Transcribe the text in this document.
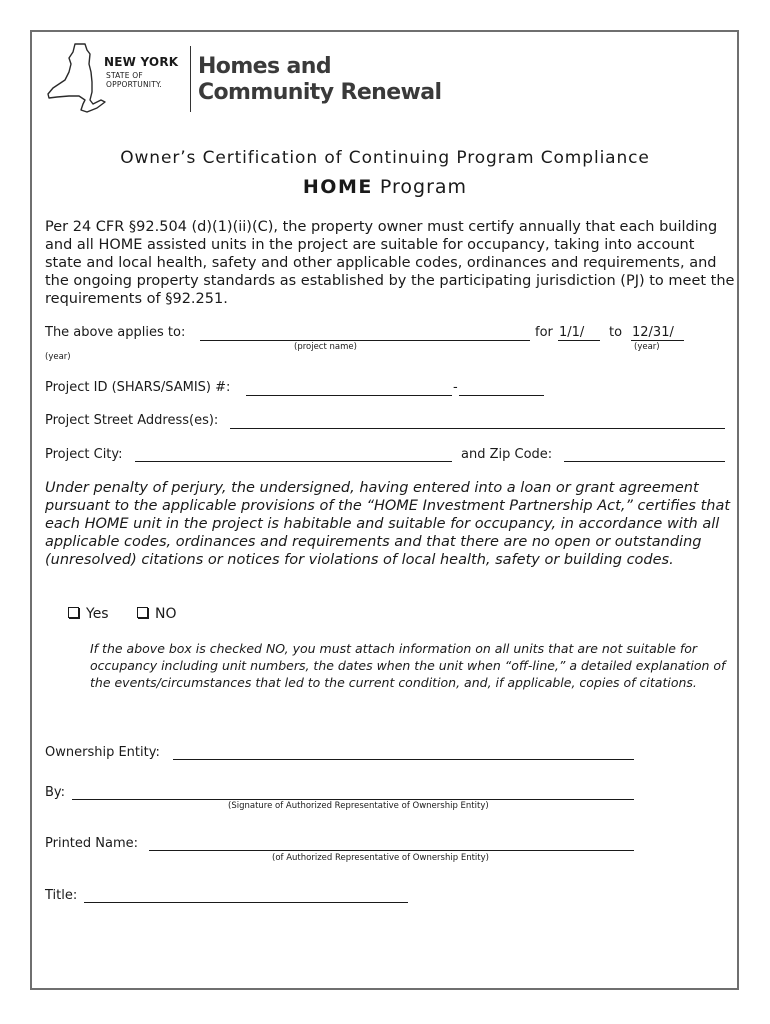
NEW YORK
STATE OF
OPPORTUNITY.
Homes and
Community Renewal
Owner’s Certification of Continuing Program Compliance
HOME Program
Per 24 CFR §92.504 (d)(1)(ii)(C), the property owner must certify annually that each building and all HOME assisted units in the project are suitable for occupancy, taking into account state and local health, safety and other applicable codes, ordinances and requirements, and the ongoing property standards as established by the participating jurisdiction (PJ) to meet the requirements of §92.251.
The above applies to:
(project name)
for 1/1/ to 12/31/
(year)
(year)
Project ID (SHARS/SAMIS) #:	-
Project Street Address(es):
Project City:	and Zip Code:
Under penalty of perjury, the undersigned, having entered into a loan or grant agreement pursuant to the applicable provisions of the “HOME Investment Partnership Act,” certifies that each HOME unit in the project is habitable and suitable for occupancy, in accordance with all applicable codes, ordinances and requirements and that there are no open or outstanding (unresolved) citations or notices for violations of local health, safety or building codes.
Yes	NO
If the above box is checked NO, you must attach information on all units that are not suitable for occupancy including unit numbers, the dates when the unit when “off-line,” a detailed explanation of the events/circumstances that led to the current condition, and, if applicable, copies of citations.
Ownership Entity:
By:
(Signature of Authorized Representative of Ownership Entity)
Printed Name:
(of Authorized Representative of Ownership Entity)
Title:
